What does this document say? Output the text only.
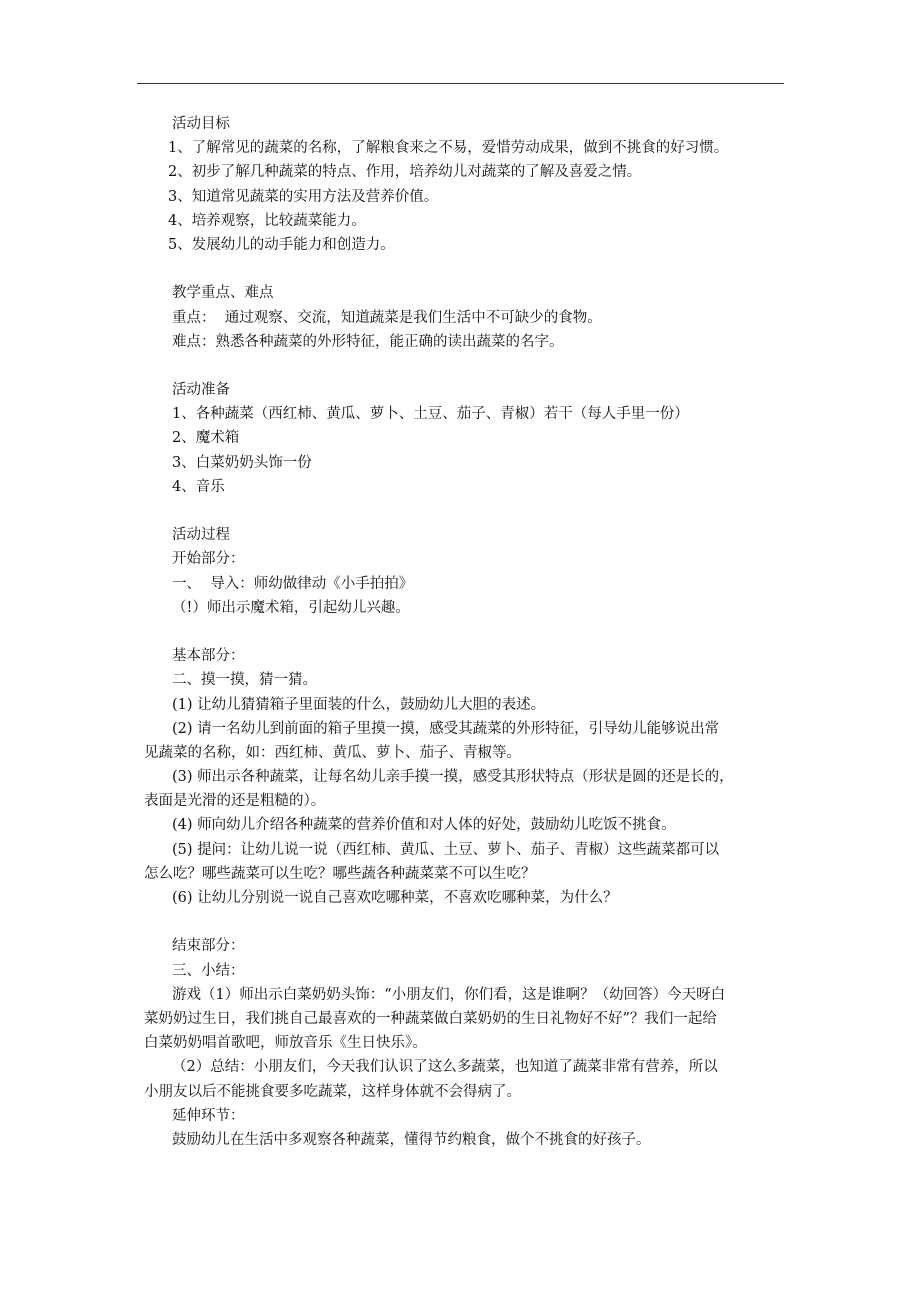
活动目标
1、了解常见的蔬菜的名称，了解粮食来之不易，爱惜劳动成果，做到不挑食的好习惯。
2、初步了解几种蔬菜的特点、作用，培养幼儿对蔬菜的了解及喜爱之情。
3、知道常见蔬菜的实用方法及营养价值。
4、培养观察，比较蔬菜能力。
5、发展幼儿的动手能力和创造力。
教学重点、难点
重点：  通过观察、交流，知道蔬菜是我们生活中不可缺少的食物。
难点：熟悉各种蔬菜的外形特征，能正确的读出蔬菜的名字。
活动准备
1、各种蔬菜（西红柿、黄瓜、萝卜、土豆、茄子、青椒）若干（每人手里一份）
2、魔术箱
3、白菜奶奶头饰一份
4、音乐
活动过程
开始部分：
一、  导入：师幼做律动《小手拍拍》
（!）师出示魔术箱，引起幼儿兴趣。
基本部分：
二、摸一摸，猜一猜。
(1) 让幼儿猜猜箱子里面装的什么，鼓励幼儿大胆的表述。
(2) 请一名幼儿到前面的箱子里摸一摸，感受其蔬菜的外形特征，引导幼儿能够说出常
见蔬菜的名称，如：西红柿、黄瓜、萝卜、茄子、青椒等。
(3) 师出示各种蔬菜，让每名幼儿亲手摸一摸，感受其形状特点（形状是圆的还是长的，
表面是光滑的还是粗糙的）。
(4) 师向幼儿介绍各种蔬菜的营养价值和对人体的好处，鼓励幼儿吃饭不挑食。
(5) 提问：让幼儿说一说（西红柿、黄瓜、土豆、萝卜、茄子、青椒）这些蔬菜都可以
怎么吃？哪些蔬菜可以生吃？哪些蔬各种蔬菜菜不可以生吃？
(6) 让幼儿分别说一说自己喜欢吃哪种菜，不喜欢吃哪种菜，为什么？
结束部分：
三、小结：
游戏（1）师出示白菜奶奶头饰：“小朋友们，你们看，这是谁啊？（幼回答）今天呀白
菜奶奶过生日，我们挑自己最喜欢的一种蔬菜做白菜奶奶的生日礼物好不好”？我们一起给
白菜奶奶唱首歌吧，师放音乐《生日快乐》。
（2）总结：小朋友们，今天我们认识了这么多蔬菜，也知道了蔬菜非常有营养，所以
小朋友以后不能挑食要多吃蔬菜，这样身体就不会得病了。
延伸环节：
鼓励幼儿在生活中多观察各种蔬菜，懂得节约粮食，做个不挑食的好孩子。
